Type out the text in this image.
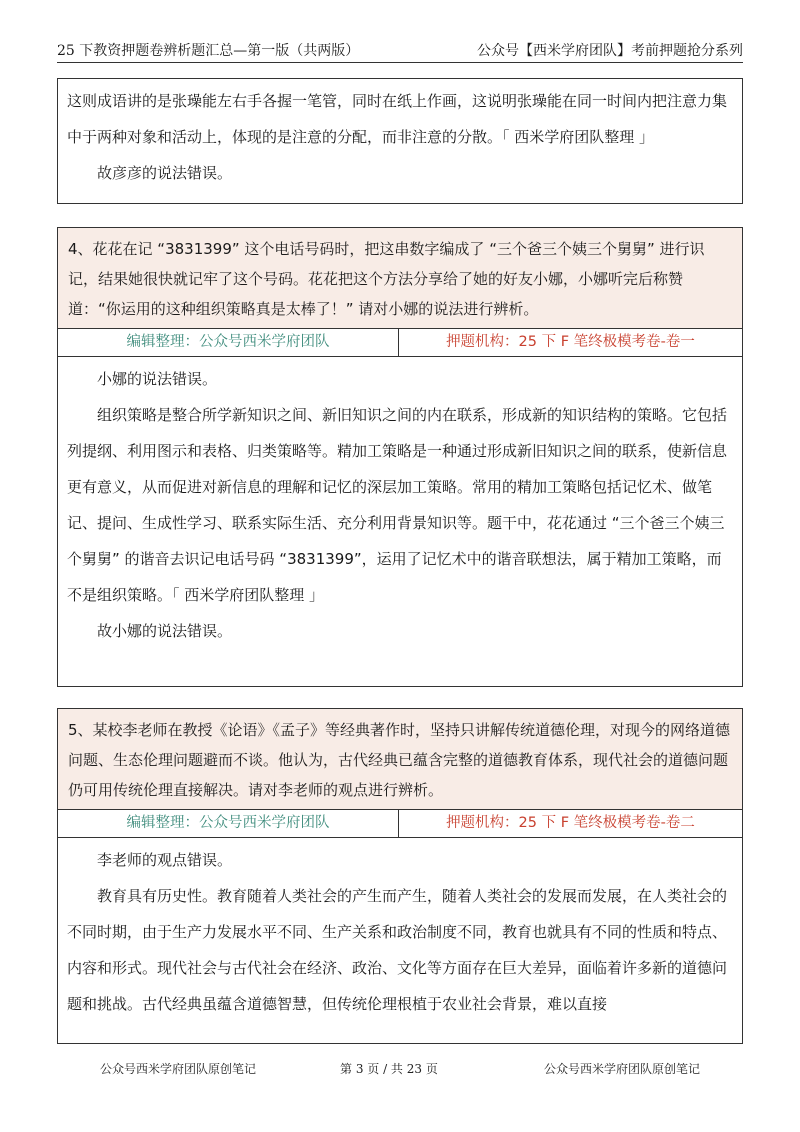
25 下教资押题卷辨析题汇总—第一版（共两版）	公众号【西米学府团队】考前押题抢分系列

这则成语讲的是张璪能左右手各握一笔管，同时在纸上作画，这说明张璪能在同一时间内把注意力集中于两种对象和活动上，体现的是注意的分配，而非注意的分散。「 西米学府团队整理 」

故彦彦的说法错误。

4、花花在记 “3831399” 这个电话号码时，把这串数字编成了 “三个爸三个姨三个舅舅” 进行识记，结果她很快就记牢了这个号码。花花把这个方法分享给了她的好友小娜，小娜听完后称赞道：“你运用的这种组织策略真是太棒了！” 请对小娜的说法进行辨析。
编辑整理：公众号西米学府团队	押题机构：25 下 F 笔终极模考卷-卷一

小娜的说法错误。

组织策略是整合所学新知识之间、新旧知识之间的内在联系，形成新的知识结构的策略。它包括列提纲、利用图示和表格、归类策略等。精加工策略是一种通过形成新旧知识之间的联系，使新信息更有意义，从而促进对新信息的理解和记忆的深层加工策略。常用的精加工策略包括记忆术、做笔记、提问、生成性学习、联系实际生活、充分利用背景知识等。题干中，花花通过 “三个爸三个姨三个舅舅” 的谐音去识记电话号码 “3831399”，运用了记忆术中的谐音联想法，属于精加工策略，而不是组织策略。「 西米学府团队整理 」

故小娜的说法错误。

5、某校李老师在教授《论语》《孟子》等经典著作时，坚持只讲解传统道德伦理，对现今的网络道德问题、生态伦理问题避而不谈。他认为，古代经典已蕴含完整的道德教育体系，现代社会的道德问题仍可用传统伦理直接解决。请对李老师的观点进行辨析。
编辑整理：公众号西米学府团队	押题机构：25 下 F 笔终极模考卷-卷二

李老师的观点错误。

教育具有历史性。教育随着人类社会的产生而产生，随着人类社会的发展而发展，在人类社会的不同时期，由于生产力发展水平不同、生产关系和政治制度不同，教育也就具有不同的性质和特点、内容和形式。现代社会与古代社会在经济、政治、文化等方面存在巨大差异，面临着许多新的道德问题和挑战。古代经典虽蕴含道德智慧，但传统伦理根植于农业社会背景，难以直接

公众号西米学府团队原创笔记	第 3 页 / 共 23 页	公众号西米学府团队原创笔记
